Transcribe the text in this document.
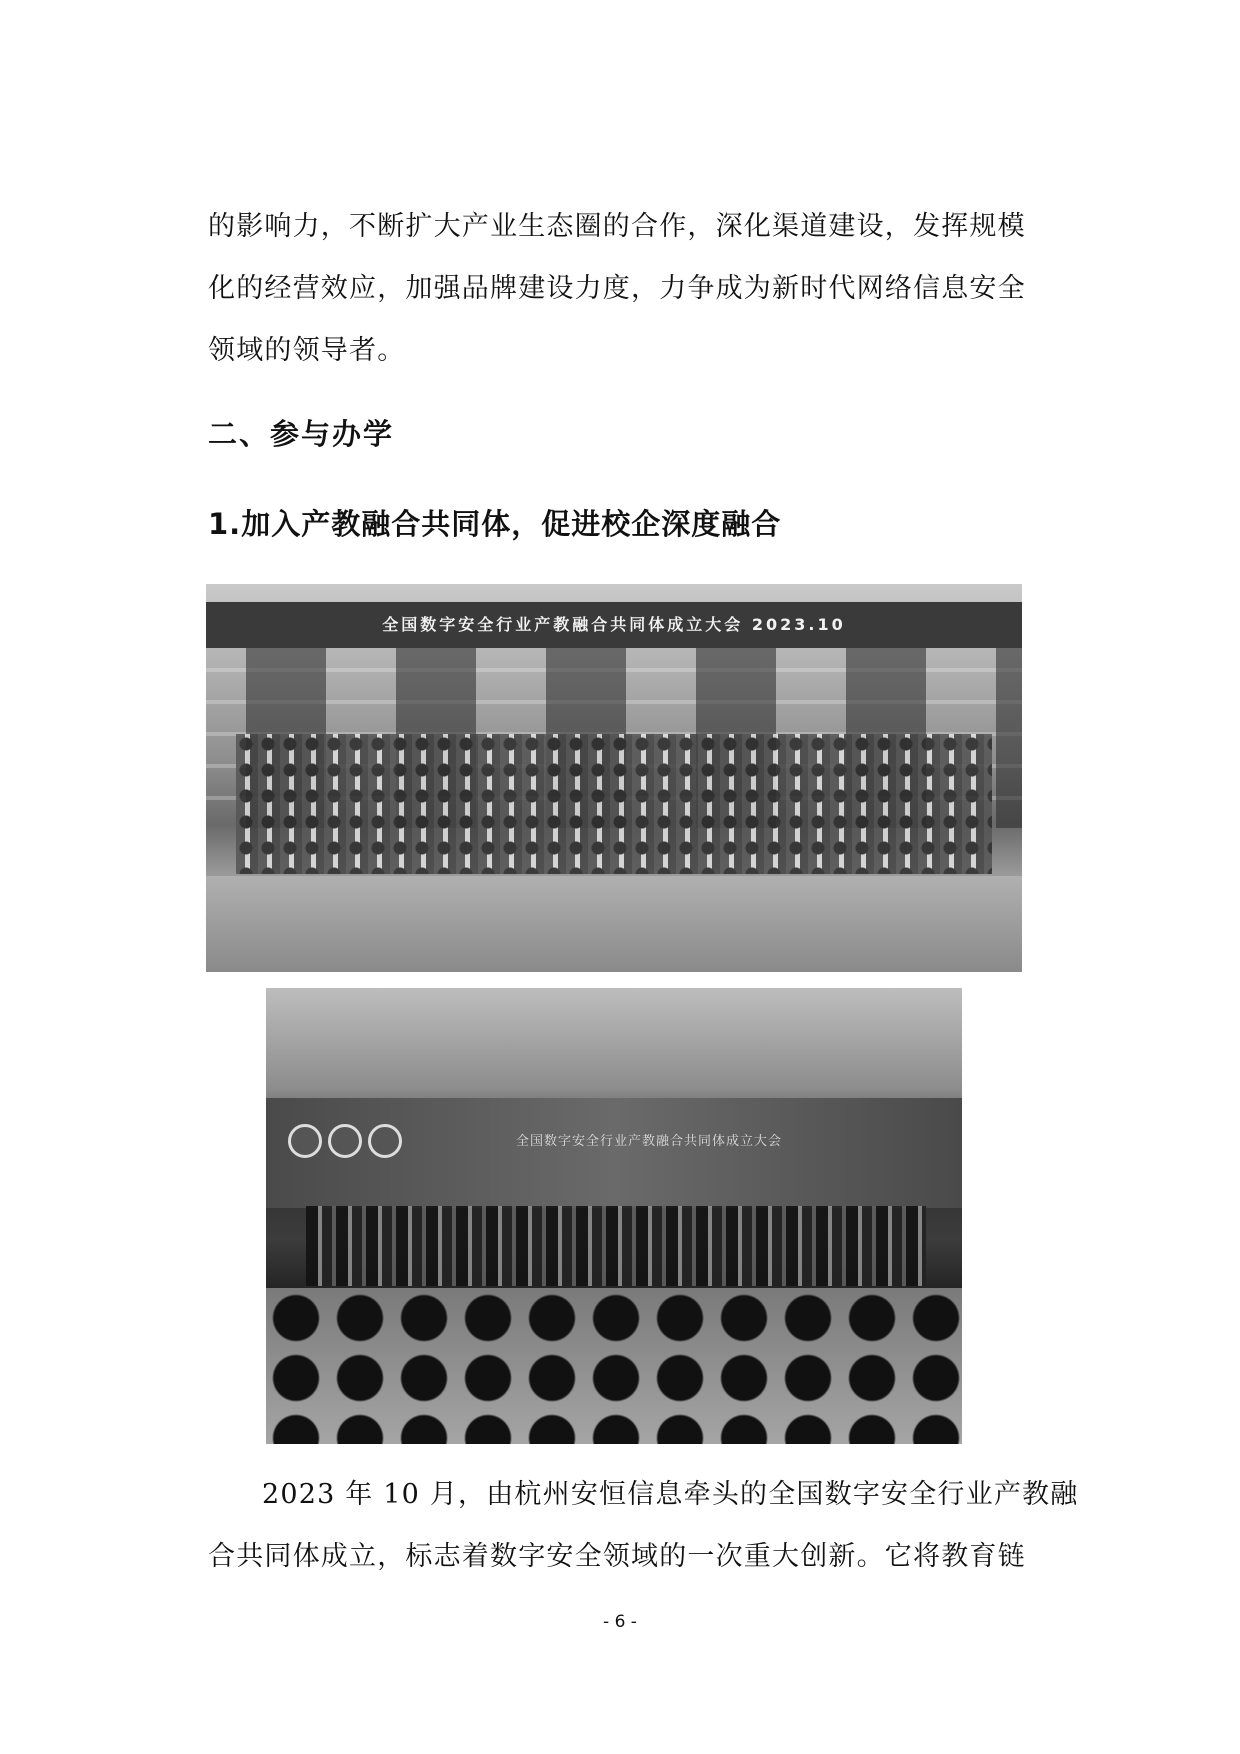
的影响力，不断扩大产业生态圈的合作，深化渠道建设，发挥规模
化的经营效应，加强品牌建设力度，力争成为新时代网络信息安全
领域的领导者。
二、参与办学
1.加入产教融合共同体，促进校企深度融合
全国数字安全行业产教融合共同体成立大会 2023.10
全国数字安全行业产教融合共同体成立大会
2023 年 10 月，由杭州安恒信息牵头的全国数字安全行业产教融
合共同体成立，标志着数字安全领域的一次重大创新。它将教育链
- 6 -
